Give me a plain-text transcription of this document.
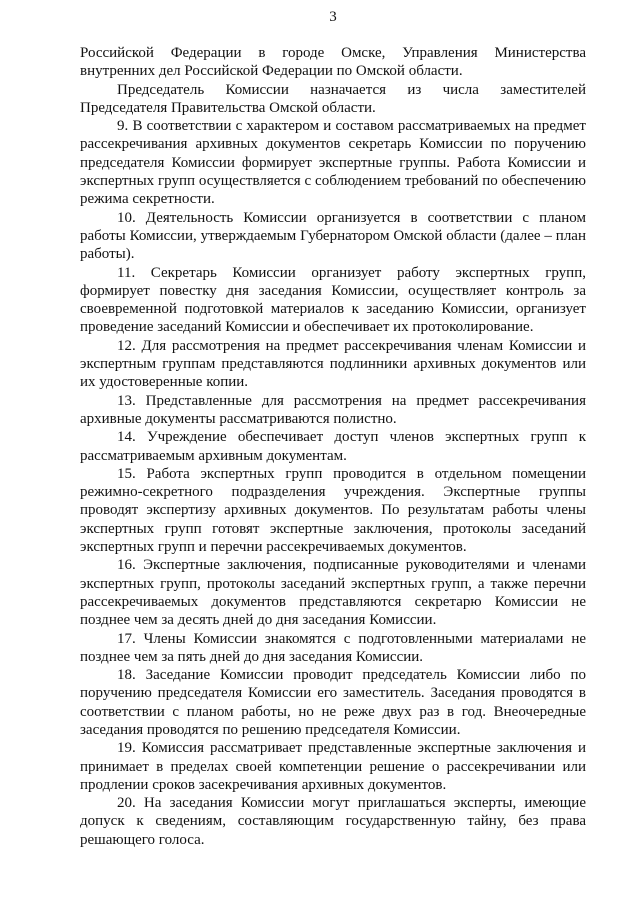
3

Российской Федерации в городе Омске, Управления Министерства внутренних дел Российской Федерации по Омской области.

Председатель Комиссии назначается из числа заместителей Председателя Правительства Омской области.

9. В соответствии с характером и составом рассматриваемых на предмет рассекречивания архивных документов секретарь Комиссии по поручению председателя Комиссии формирует экспертные группы. Работа Комиссии и экспертных групп осуществляется с соблюдением требований по обеспечению режима секретности.

10. Деятельность Комиссии организуется в соответствии с планом работы Комиссии, утверждаемым Губернатором Омской области (далее – план работы).

11. Секретарь Комиссии организует работу экспертных групп, формирует повестку дня заседания Комиссии, осуществляет контроль за своевременной подготовкой материалов к заседанию Комиссии, организует проведение заседаний Комиссии и обеспечивает их протоколирование.

12. Для рассмотрения на предмет рассекречивания членам Комиссии и экспертным группам представляются подлинники архивных документов или их удостоверенные копии.

13. Представленные для рассмотрения на предмет рассекречивания архивные документы рассматриваются полистно.

14. Учреждение обеспечивает доступ членов экспертных групп к рассматриваемым архивным документам.

15. Работа экспертных групп проводится в отдельном помещении режимно-секретного подразделения учреждения. Экспертные группы проводят экспертизу архивных документов. По результатам работы члены экспертных групп готовят экспертные заключения, протоколы заседаний экспертных групп и перечни рассекречиваемых документов.

16. Экспертные заключения, подписанные руководителями и членами экспертных групп, протоколы заседаний экспертных групп, а также перечни рассекречиваемых документов представляются секретарю Комиссии не позднее чем за десять дней до дня заседания Комиссии.

17. Члены Комиссии знакомятся с подготовленными материалами не позднее чем за пять дней до дня заседания Комиссии.

18. Заседание Комиссии проводит председатель Комиссии либо по поручению председателя Комиссии его заместитель. Заседания проводятся в соответствии с планом работы, но не реже двух раз в год. Внеочередные заседания проводятся по решению председателя Комиссии.

19. Комиссия рассматривает представленные экспертные заключения и принимает в пределах своей компетенции решение о рассекречивании или продлении сроков засекречивания архивных документов.

20. На заседания Комиссии могут приглашаться эксперты, имеющие допуск к сведениям, составляющим государственную тайну, без права решающего голоса.
